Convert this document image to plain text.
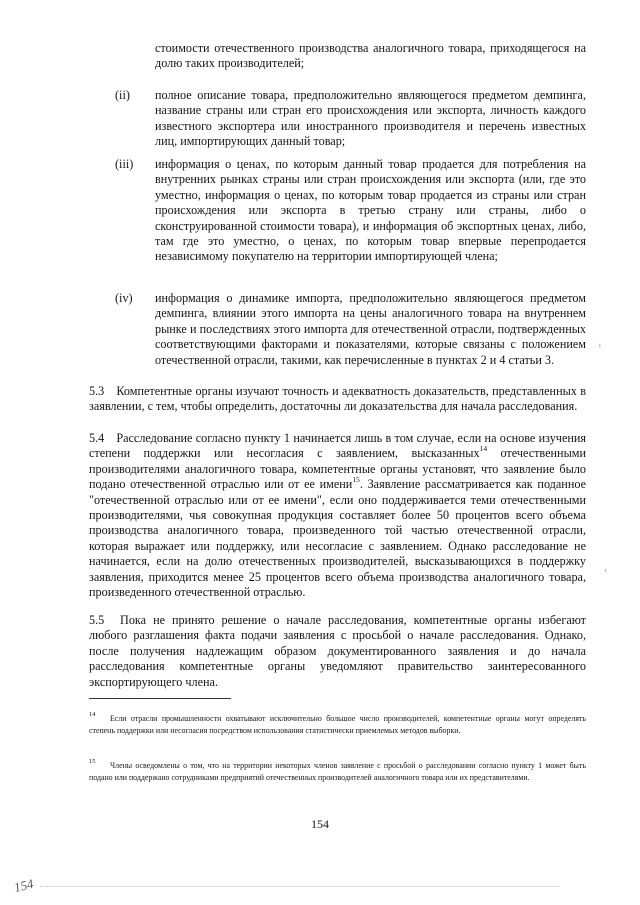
стоимости отечественного производства аналогичного товара, приходящегося на долю таких производителей;
(ii) полное описание товара, предположительно являющегося предметом демпинга, название страны или стран его происхождения или экспорта, личность каждого известного экспортера или иностранного производителя и перечень известных лиц, импортирующих данный товар;
(iii) информация о ценах, по которым данный товар продается для потребления на внутренних рынках страны или стран происхождения или экспорта (или, где это уместно, информация о ценах, по которым товар продается из страны или стран происхождения или экспорта в третью страну или страны, либо о сконструированной стоимости товара), и информация об экспортных ценах, либо, там где это уместно, о ценах, по которым товар впервые перепродается независимому покупателю на территории импортирующей члена;
(iv) информация о динамике импорта, предположительно являющегося предметом демпинга, влиянии этого импорта на цены аналогичного товара на внутреннем рынке и последствиях этого импорта для отечественной отрасли, подтвержденных соответствующими факторами и показателями, которые связаны с положением отечественной отрасли, такими, как перечисленные в пунктах 2 и 4 статьи 3.
5.3 Компетентные органы изучают точность и адекватность доказательств, представленных в заявлении, с тем, чтобы определить, достаточны ли доказательства для начала расследования.
5.4 Расследование согласно пункту 1 начинается лишь в том случае, если на основе изучения степени поддержки или несогласия с заявлением, высказанных$^{14}$ отечественными производителями аналогичного товара, компетентные органы установят, что заявление было подано отечественной отраслью или от ее имени$^{15}$. Заявление рассматривается как поданное "отечественной отраслью или от ее имени", если оно поддерживается теми отечественными производителями, чья совокупная продукция составляет более 50 процентов всего объема производства аналогичного товара, произведенного той частью отечественной отрасли, которая выражает или поддержку, или несогласие с заявлением. Однако расследование не начинается, если на долю отечественных производителей, высказывающихся в поддержку заявления, приходится менее 25 процентов всего объема производства аналогичного товара, произведенного отечественной отраслью.
5.5 Пока не принято решение о начале расследования, компетентные органы избегают любого разглашения факта подачи заявления с просьбой о начале расследования. Однако, после получения надлежащим образом документированного заявления и до начала расследования компетентные органы уведомляют правительство заинтересованного экспортирующего члена.
14	Если отрасли промышленности охватывают исключительно большое число производителей, компетентные органы могут определять степень поддержки или несогласия посредством использования статистически приемлемых методов выборки.
15	Члены осведомлены о том, что на территории некоторых членов заявление с просьбой о расследовании согласно пункту 1 может быть подано или поддержано сотрудниками предприятий отечественных производителей аналогичного товара или их представителями.
154
154
›
‹
